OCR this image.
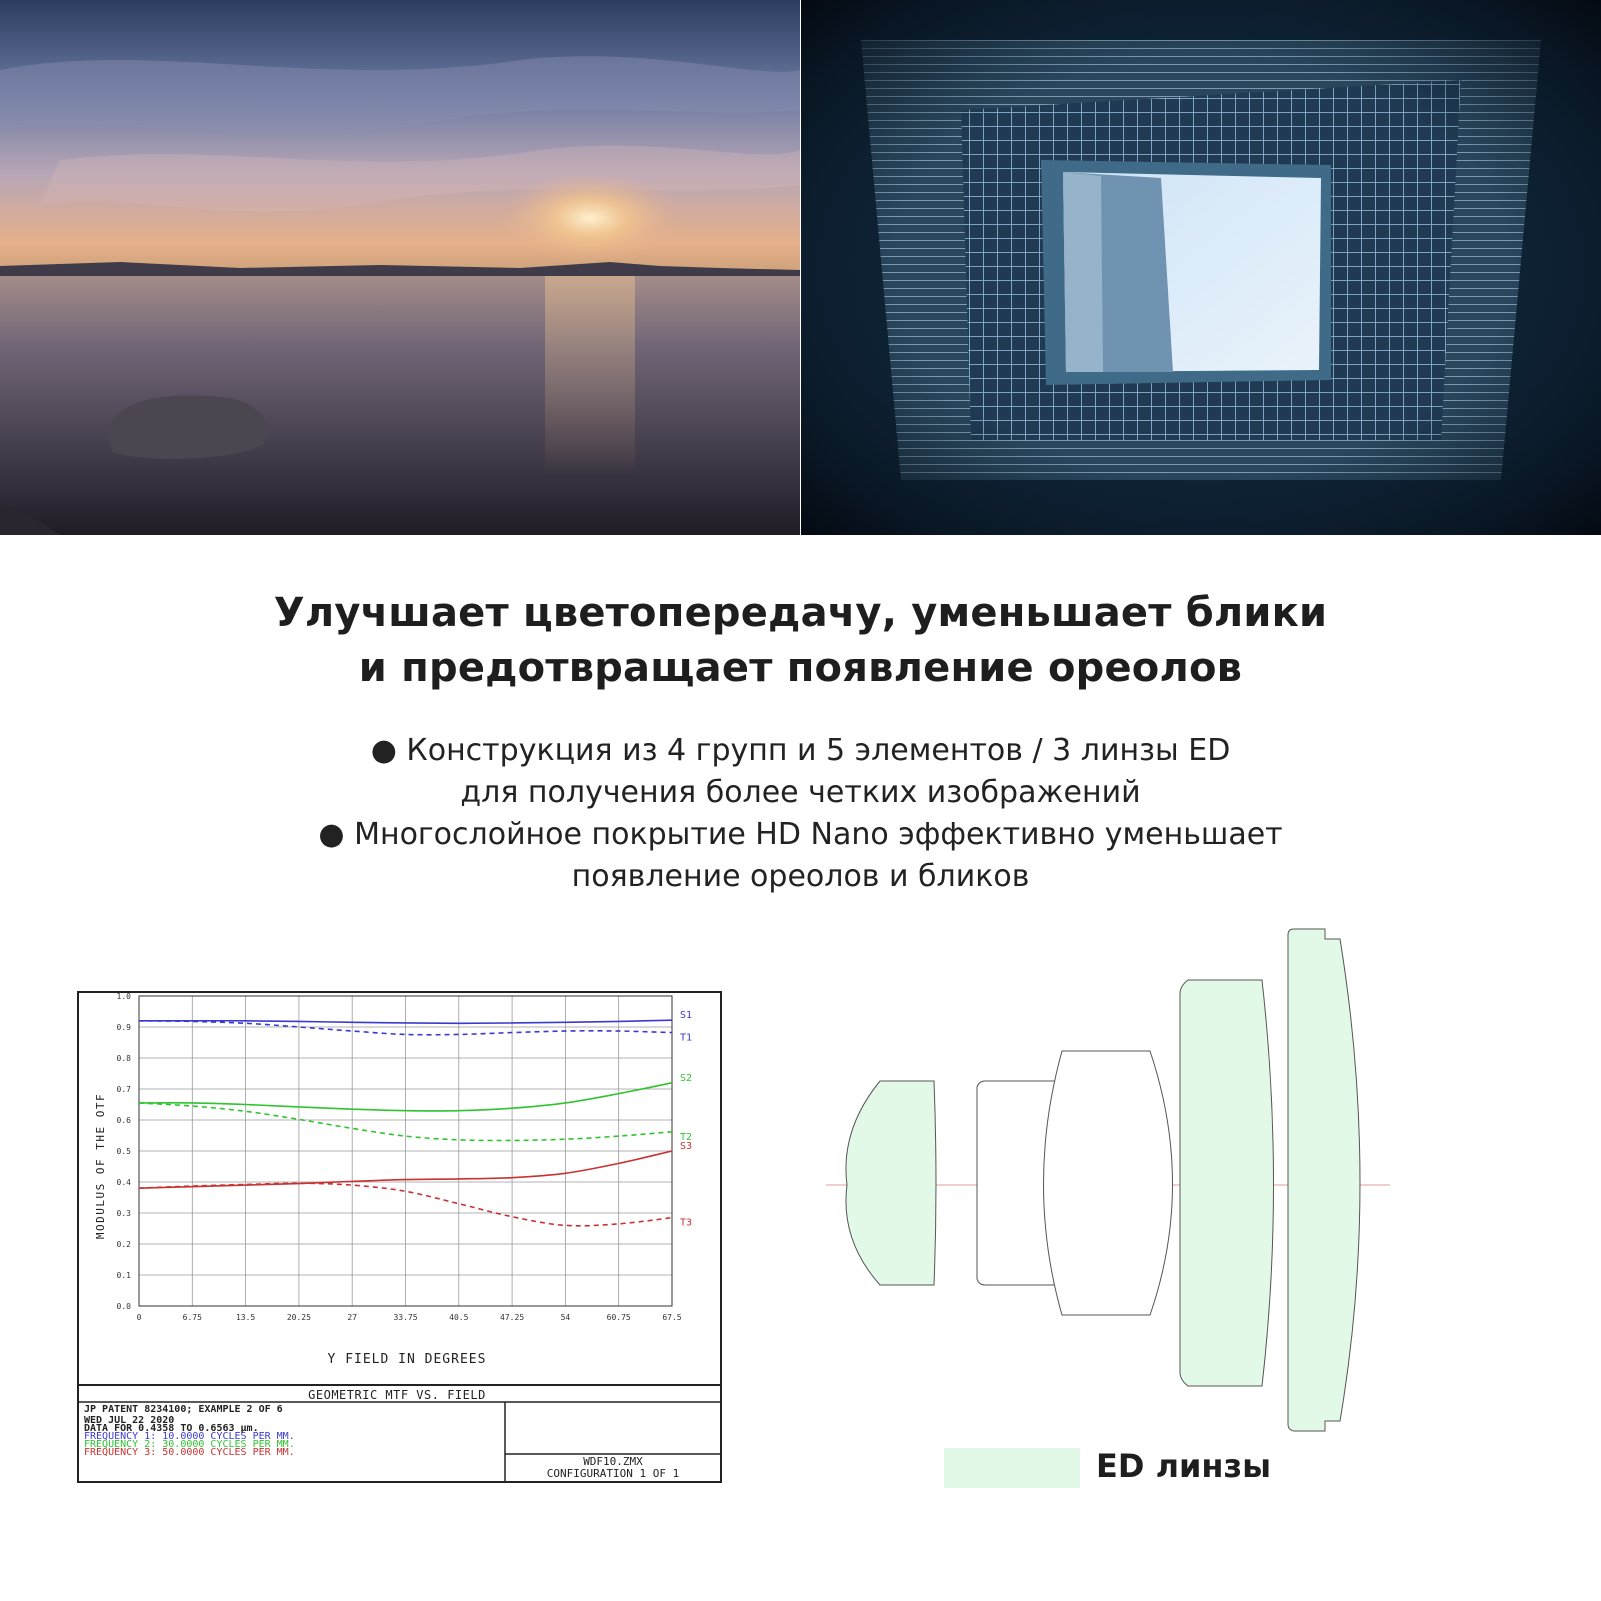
Улучшает цветопередачу, уменьшает блики
и предотвращает появление ореолов
● Конструкция из 4 групп и 5 элементов / 3 линзы ED
для получения более четких изображений
● Многослойное покрытие HD Nano эффективно уменьшает
появление ореолов и бликов
0.0
0.1
0.2
0.3
0.4
0.5
0.6
0.7
0.8
0.9
1.0
0	6.75	13.5	20.25	27	33.75	40.5	47.25	54	60.75	67.5
S1
T1
S2
T2
S3
T3
MODULUS OF THE OTF
Y FIELD IN DEGREES
GEOMETRIC MTF VS. FIELD
JP PATENT 8234100; EXAMPLE 2 OF 6
WED JUL 22 2020
DATA FOR 0.4358 TO 0.6563 µm.
FREQUENCY 1: 10.0000 CYCLES PER MM.
FREQUENCY 2: 30.0000 CYCLES PER MM.
FREQUENCY 3: 50.0000 CYCLES PER MM.
WDF10.ZMX
CONFIGURATION 1 OF 1	ED линзы
